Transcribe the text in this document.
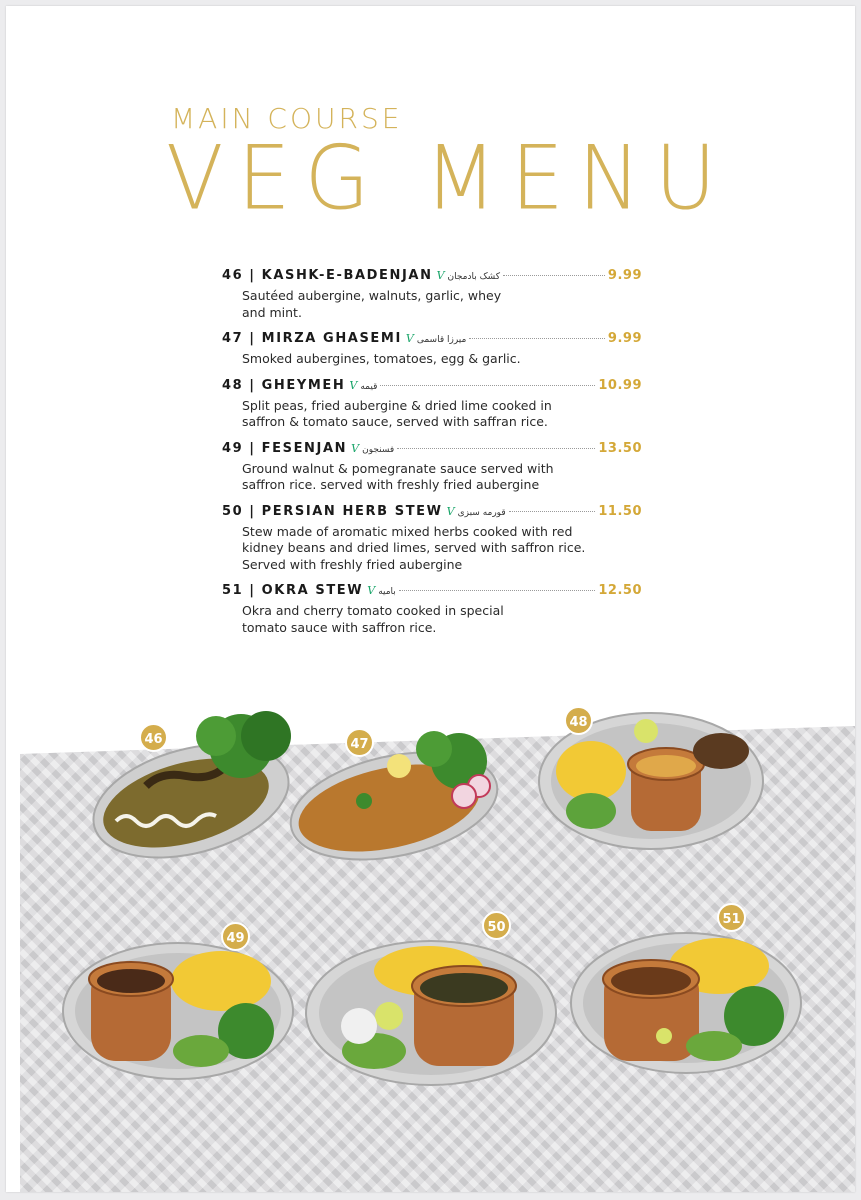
MAIN COURSE
VEG MENU
46 | KASHK-E-BADENJAN V کشک بادمجان	9.99
Sautéed aubergine, walnuts, garlic, whey and mint.
47 | MIRZA GHASEMI V میرزا قاسمی	9.99
Smoked aubergines, tomatoes, egg & garlic.
48 | GHEYMEH V قیمه	10.99
Split peas, fried aubergine & dried lime cooked in saffron & tomato sauce, served with saffran rice.
49 | FESENJAN V فسنجون	13.50
Ground walnut & pomegranate sauce served with saffron rice. served with freshly fried aubergine
50 | PERSIAN HERB STEW V قورمه سبزی	11.50
Stew made of aromatic mixed herbs cooked with red kidney beans and dried limes, served with saffron rice.
Served with freshly fried aubergine
51 | OKRA STEW V بامیه	12.50
Okra and cherry tomato cooked in special tomato sauce with saffron rice.
46	47
48
49
50
51
